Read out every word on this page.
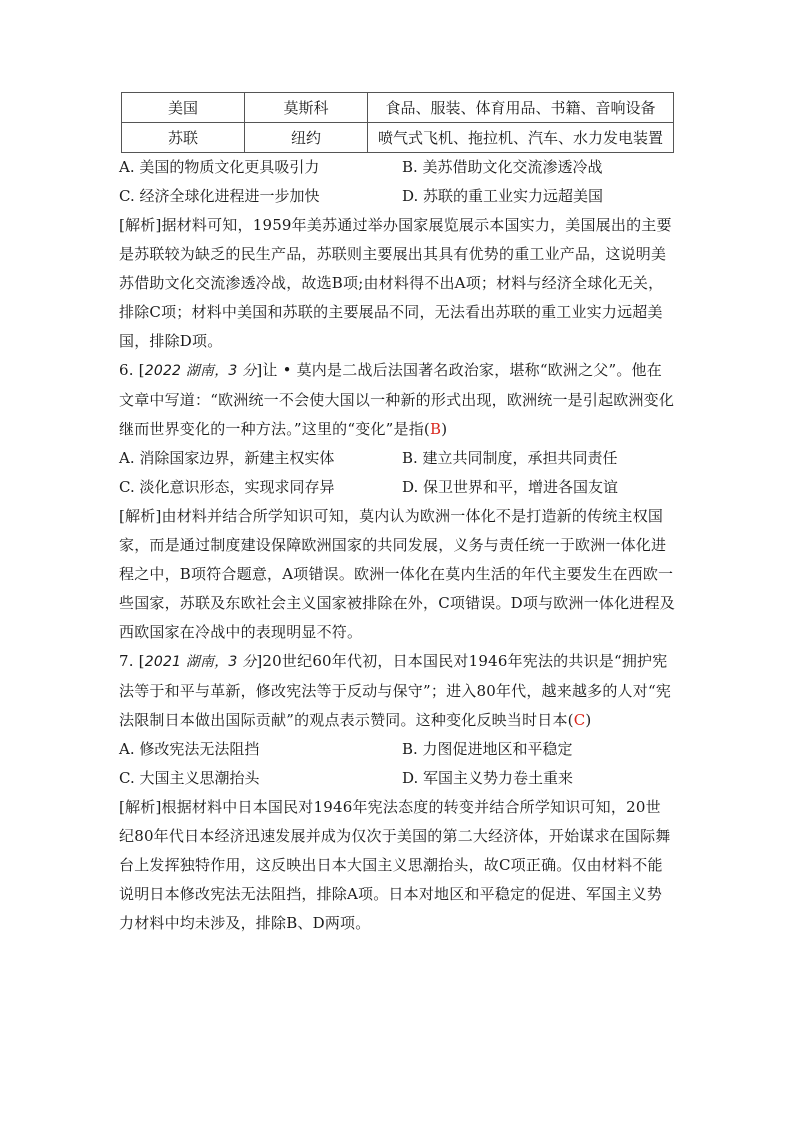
美国	莫斯科	食品、服装、体育用品、书籍、音响设备
苏联	纽约	喷气式飞机、拖拉机、汽车、水力发电装置
A. 美国的物质文化更具吸引力	B. 美苏借助文化交流渗透冷战
C. 经济全球化进程进一步加快	D. 苏联的重工业实力远超美国

[解析]据材料可知，1959年美苏通过举办国家展览展示本国实力，美国展出的主要是苏联较为缺乏的民生产品，苏联则主要展出其具有优势的重工业产品，这说明美苏借助文化交流渗透冷战，故选B项;由材料得不出A项；材料与经济全球化无关，排除C项；材料中美国和苏联的主要展品不同，无法看出苏联的重工业实力远超美国，排除D项。

6. [2022 湖南，3 分]让 • 莫内是二战后法国著名政治家，堪称“欧洲之父”。他在文章中写道：“欧洲统一不会使大国以一种新的形式出现，欧洲统一是引起欧洲变化继而世界变化的一种方法。”这里的“变化”是指(B)

A. 消除国家边界，新建主权实体	B. 建立共同制度，承担共同责任
C. 淡化意识形态，实现求同存异	D. 保卫世界和平，增进各国友谊

[解析]由材料并结合所学知识可知，莫内认为欧洲一体化不是打造新的传统主权国家，而是通过制度建设保障欧洲国家的共同发展，义务与责任统一于欧洲一体化进程之中，B项符合题意，A项错误。欧洲一体化在莫内生活的年代主要发生在西欧一些国家，苏联及东欧社会主义国家被排除在外，C项错误。D项与欧洲一体化进程及西欧国家在冷战中的表现明显不符。

7. [2021 湖南，3 分]20世纪60年代初，日本国民对1946年宪法的共识是“拥护宪法等于和平与革新，修改宪法等于反动与保守”；进入80年代，越来越多的人对“宪法限制日本做出国际贡献”的观点表示赞同。这种变化反映当时日本(C)

A. 修改宪法无法阻挡	B. 力图促进地区和平稳定
C. 大国主义思潮抬头	D. 军国主义势力卷土重来

[解析]根据材料中日本国民对1946年宪法态度的转变并结合所学知识可知，20世纪80年代日本经济迅速发展并成为仅次于美国的第二大经济体，开始谋求在国际舞台上发挥独特作用，这反映出日本大国主义思潮抬头，故C项正确。仅由材料不能说明日本修改宪法无法阻挡，排除A项。日本对地区和平稳定的促进、军国主义势力材料中均未涉及，排除B、D两项。
